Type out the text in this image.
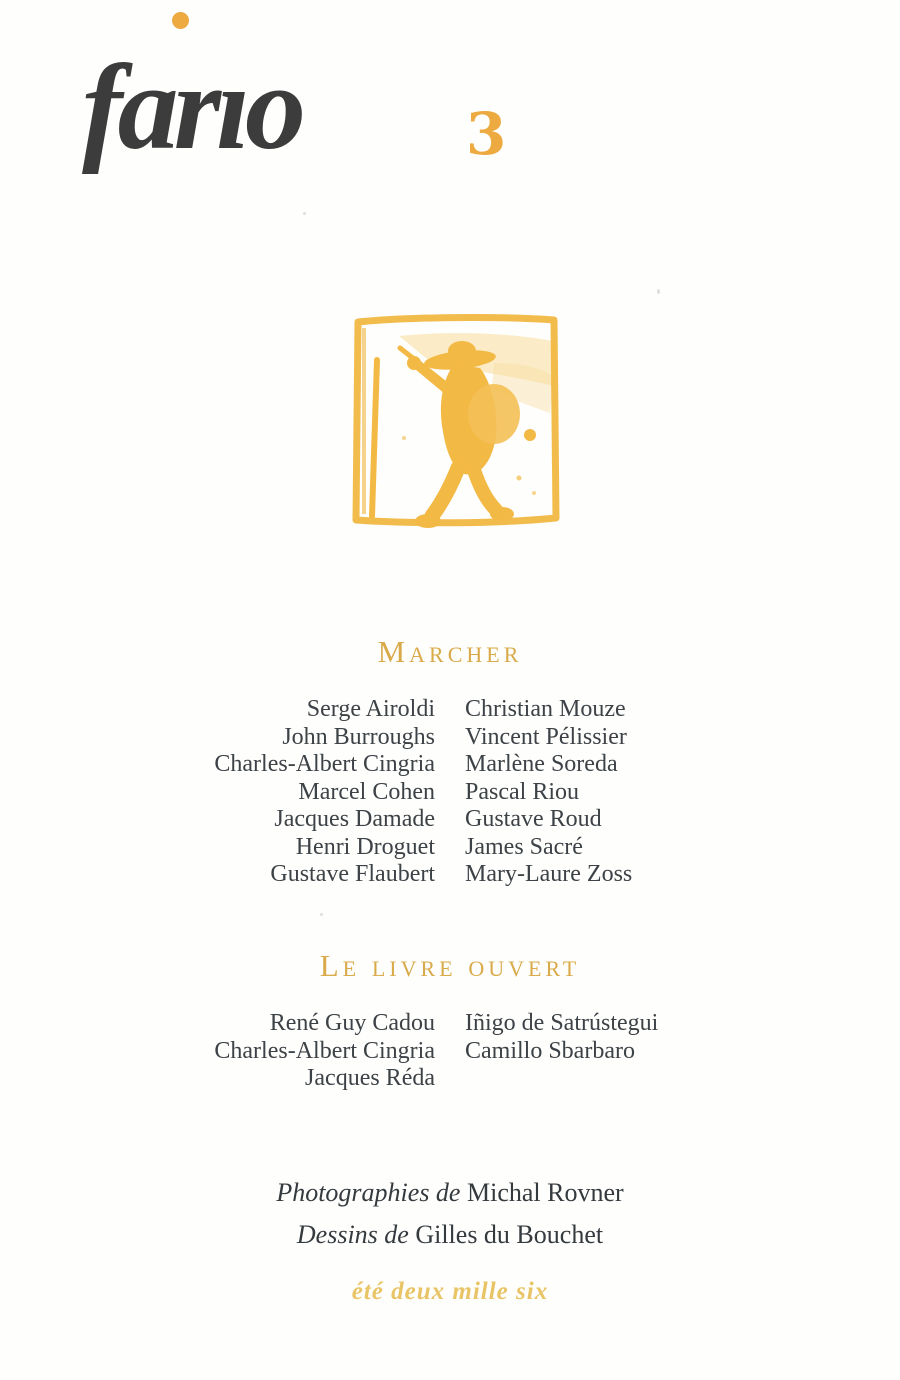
farıo	3
Marcher
Serge Airoldi
John Burroughs
Charles-Albert Cingria
Marcel Cohen
Jacques Damade
Henri Droguet
Gustave Flaubert
Christian Mouze
Vincent Pélissier
Marlène Soreda
Pascal Riou
Gustave Roud
James Sacré
Mary-Laure Zoss
Le livre ouvert
René Guy Cadou
Charles-Albert Cingria
Jacques Réda
Iñigo de Satrústegui
Camillo Sbarbaro
Photographies de Michal Rovner
Dessins de Gilles du Bouchet
été deux mille six
